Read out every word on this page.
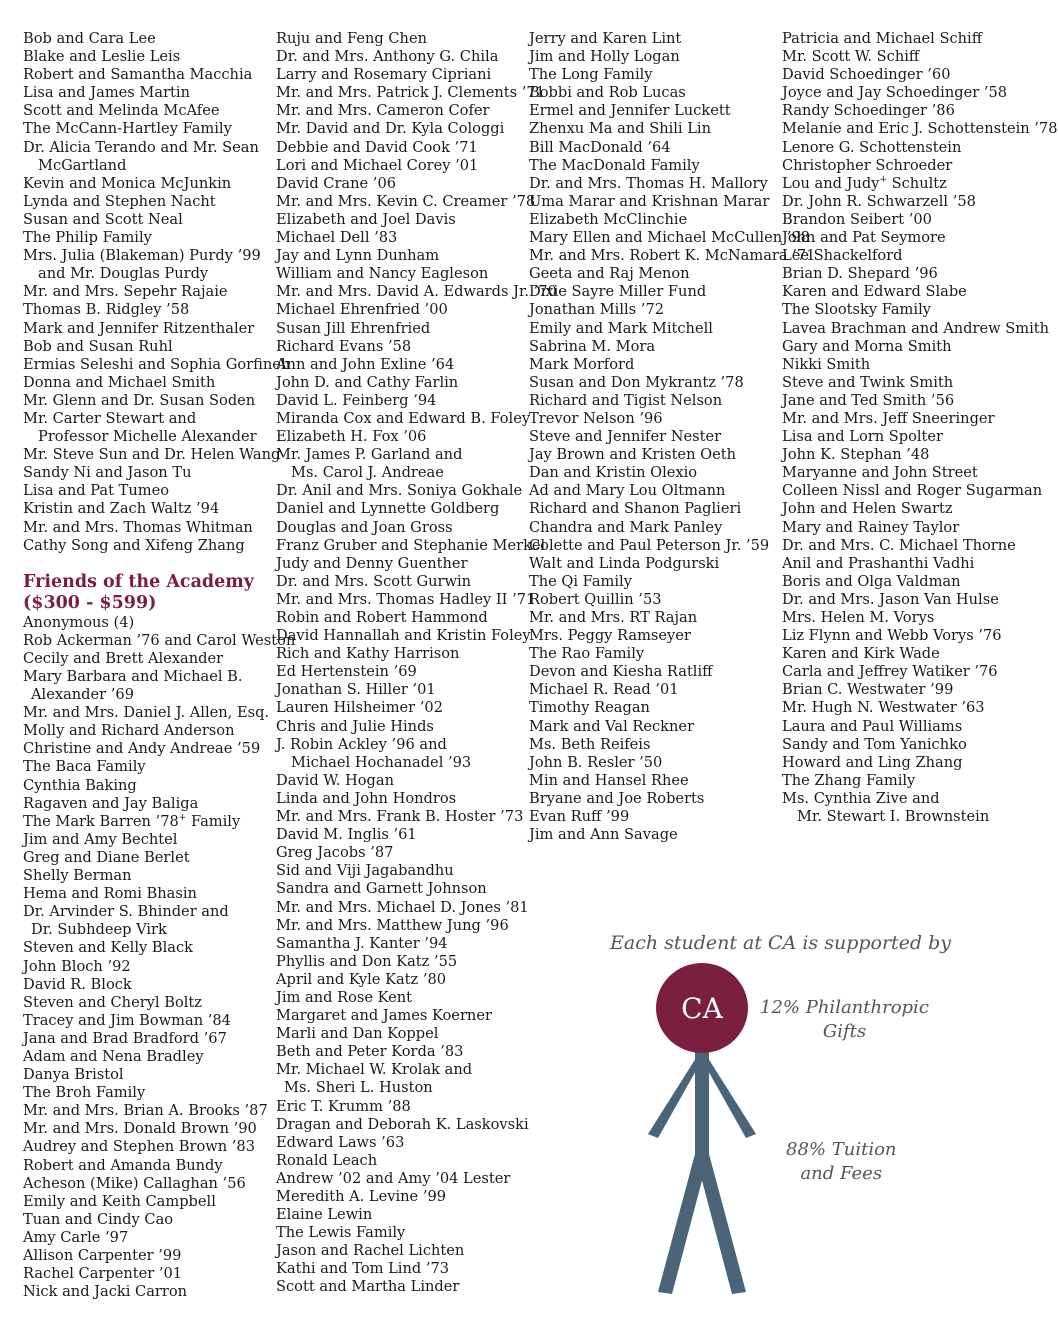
Bob and Cara Lee
Blake and Leslie Leis
Robert and Samantha Macchia
Lisa and James Martin
Scott and Melinda McAfee
The McCann-Hartley Family
Dr. Alicia Terando and Mr. Sean
McGartland
Kevin and Monica McJunkin
Lynda and Stephen Nacht
Susan and Scott Neal
The Philip Family
Mrs. Julia (Blakeman) Purdy ’99
and Mr. Douglas Purdy
Mr. and Mrs. Sepehr Rajaie
Thomas B. Ridgley ’58
Mark and Jennifer Ritzenthaler
Bob and Susan Ruhl
Ermias Seleshi and Sophia Gorfineh
Donna and Michael Smith
Mr. Glenn and Dr. Susan Soden
Mr. Carter Stewart and
Professor Michelle Alexander
Mr. Steve Sun and Dr. Helen Wang
Sandy Ni and Jason Tu
Lisa and Pat Tumeo
Kristin and Zach Waltz ’94
Mr. and Mrs. Thomas Whitman
Cathy Song and Xifeng Zhang
Friends of the Academy
($300 - $599)
Anonymous (4)
Rob Ackerman ’76 and Carol Weston
Cecily and Brett Alexander
Mary Barbara and Michael B.
Alexander ’69
Mr. and Mrs. Daniel J. Allen, Esq.
Molly and Richard Anderson
Christine and Andy Andreae ’59
The Baca Family
Cynthia Baking
Ragaven and Jay Baliga
The Mark Barren ’78+ Family
Jim and Amy Bechtel
Greg and Diane Berlet
Shelly Berman
Hema and Romi Bhasin
Dr. Arvinder S. Bhinder and
Dr. Subhdeep Virk
Steven and Kelly Black
John Bloch ’92
David R. Block
Steven and Cheryl Boltz
Tracey and Jim Bowman ’84
Jana and Brad Bradford ’67
Adam and Nena Bradley
Danya Bristol
The Broh Family
Mr. and Mrs. Brian A. Brooks ’87
Mr. and Mrs. Donald Brown ’90
Audrey and Stephen Brown ’83
Robert and Amanda Bundy
Acheson (Mike) Callaghan ’56
Emily and Keith Campbell
Tuan and Cindy Cao
Amy Carle ’97
Allison Carpenter ’99
Rachel Carpenter ’01
Nick and Jacki Carron
Ruju and Feng Chen
Dr. and Mrs. Anthony G. Chila
Larry and Rosemary Cipriani
Mr. and Mrs. Patrick J. Clements ’71
Mr. and Mrs. Cameron Cofer
Mr. David and Dr. Kyla Cologgi
Debbie and David Cook ’71
Lori and Michael Corey ’01
David Crane ’06
Mr. and Mrs. Kevin C. Creamer ’78
Elizabeth and Joel Davis
Michael Dell ’83
Jay and Lynn Dunham
William and Nancy Eagleson
Mr. and Mrs. David A. Edwards Jr. ’70
Michael Ehrenfried ’00
Susan Jill Ehrenfried
Richard Evans ’58
Ann and John Exline ’64
John D. and Cathy Farlin
David L. Feinberg ’94
Miranda Cox and Edward B. Foley
Elizabeth H. Fox ’06
Mr. James P. Garland and
Ms. Carol J. Andreae
Dr. Anil and Mrs. Soniya Gokhale
Daniel and Lynnette Goldberg
Douglas and Joan Gross
Franz Gruber and Stephanie Merkel
Judy and Denny Guenther
Dr. and Mrs. Scott Gurwin
Mr. and Mrs. Thomas Hadley II ’71
Robin and Robert Hammond
David Hannallah and Kristin Foley
Rich and Kathy Harrison
Ed Hertenstein ’69
Jonathan S. Hiller ’01
Lauren Hilsheimer ’02
Chris and Julie Hinds
J. Robin Ackley ’96 and
Michael Hochanadel ’93
David W. Hogan
Linda and John Hondros
Mr. and Mrs. Frank B. Hoster ’73
David M. Inglis ’61
Greg Jacobs ’87
Sid and Viji Jagabandhu
Sandra and Garnett Johnson
Mr. and Mrs. Michael D. Jones ’81
Mr. and Mrs. Matthew Jung ’96
Samantha J. Kanter ’94
Phyllis and Don Katz ’55
April and Kyle Katz ’80
Jim and Rose Kent
Margaret and James Koerner
Marli and Dan Koppel
Beth and Peter Korda ’83
Mr. Michael W. Krolak and
Ms. Sheri L. Huston
Eric T. Krumm ’88
Dragan and Deborah K. Laskovski
Edward Laws ’63
Ronald Leach
Andrew ’02 and Amy ’04 Lester
Meredith A. Levine ’99
Elaine Lewin
The Lewis Family
Jason and Rachel Lichten
Kathi and Tom Lind ’73
Scott and Martha Linder
Jerry and Karen Lint
Jim and Holly Logan
The Long Family
Bobbi and Rob Lucas
Ermel and Jennifer Luckett
Zhenxu Ma and Shili Lin
Bill MacDonald ’64
The MacDonald Family
Dr. and Mrs. Thomas H. Mallory
Uma Marar and Krishnan Marar
Elizabeth McClinchie
Mary Ellen and Michael McCullen ’98
Mr. and Mrs. Robert K. McNamara ’71
Geeta and Raj Menon
Dixie Sayre Miller Fund
Jonathan Mills ’72
Emily and Mark Mitchell
Sabrina M. Mora
Mark Morford
Susan and Don Mykrantz ’78
Richard and Tigist Nelson
Trevor Nelson ’96
Steve and Jennifer Nester
Jay Brown and Kristen Oeth
Dan and Kristin Olexio
Ad and Mary Lou Oltmann
Richard and Shanon Paglieri
Chandra and Mark Panley
Colette and Paul Peterson Jr. ’59
Walt and Linda Podgurski
The Qi Family
Robert Quillin ’53
Mr. and Mrs. RT Rajan
Mrs. Peggy Ramseyer
The Rao Family
Devon and Kiesha Ratliff
Michael R. Read ’01
Timothy Reagan
Mark and Val Reckner
Ms. Beth Reifeis
John B. Resler ’50
Min and Hansel Rhee
Bryane and Joe Roberts
Evan Ruff ’99
Jim and Ann Savage
Patricia and Michael Schiff
Mr. Scott W. Schiff
David Schoedinger ’60
Joyce and Jay Schoedinger ’58
Randy Schoedinger ’86
Melanie and Eric J. Schottenstein ’78
Lenore G. Schottenstein
Christopher Schroeder
Lou and Judy+ Schultz
Dr. John R. Schwarzell ’58
Brandon Seibert ’00
John and Pat Seymore
Lee Shackelford
Brian D. Shepard ’96
Karen and Edward Slabe
The Slootsky Family
Lavea Brachman and Andrew Smith
Gary and Morna Smith
Nikki Smith
Steve and Twink Smith
Jane and Ted Smith ’56
Mr. and Mrs. Jeff Sneeringer
Lisa and Lorn Spolter
John K. Stephan ’48
Maryanne and John Street
Colleen Nissl and Roger Sugarman
John and Helen Swartz
Mary and Rainey Taylor
Dr. and Mrs. C. Michael Thorne
Anil and Prashanthi Vadhi
Boris and Olga Valdman
Dr. and Mrs. Jason Van Hulse
Mrs. Helen M. Vorys
Liz Flynn and Webb Vorys ’76
Karen and Kirk Wade
Carla and Jeffrey Watiker ’76
Brian C. Westwater ’99
Mr. Hugh N. Westwater ’63
Laura and Paul Williams
Sandy and Tom Yanichko
Howard and Ling Zhang
The Zhang Family
Ms. Cynthia Zive and
Mr. Stewart I. Brownstein
Each student at CA is supported by
CA 12% Philanthropic
Gifts
88% Tuition
and Fees
